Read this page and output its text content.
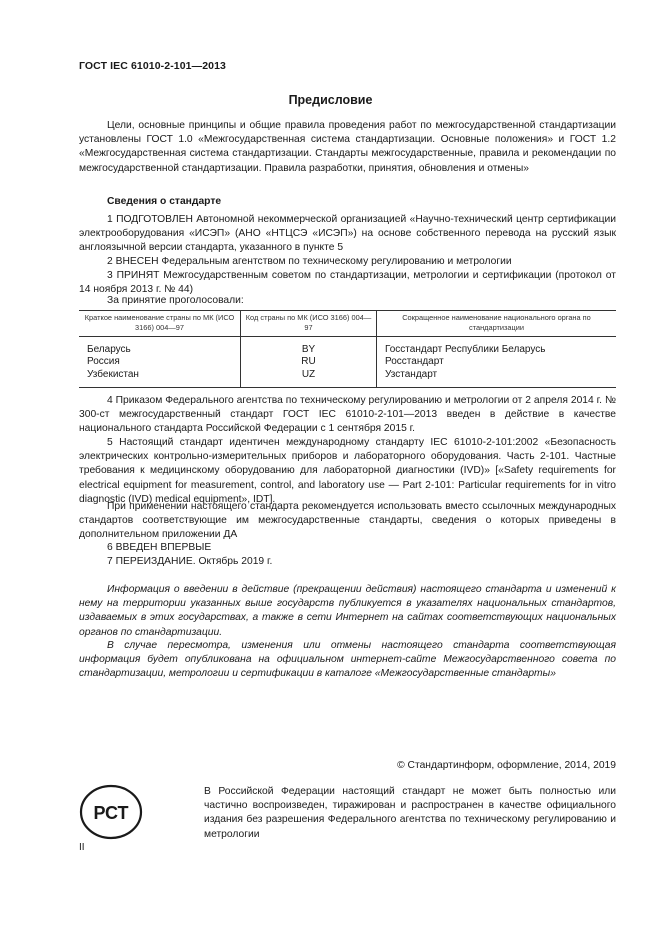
ГОСТ IEC 61010-2-101—2013
Предисловие

Цели, основные принципы и общие правила проведения работ по межгосударственной стандартизации установлены ГОСТ 1.0 «Межгосударственная система стандартизации. Основные положения» и ГОСТ 1.2 «Межгосударственная система стандартизации. Стандарты межгосударственные, правила и рекомендации по межгосударственной стандартизации. Правила разработки, принятия, обновления и отмены»

Сведения о стандарте

1 ПОДГОТОВЛЕН Автономной некоммерческой организацией «Научно-технический центр сертификации электрооборудования «ИСЭП» (АНО «НТЦСЭ «ИСЭП») на основе собственного перевода на русский язык англоязычной версии стандарта, указанного в пункте 5

2 ВНЕСЕН Федеральным агентством по техническому регулированию и метрологии

3 ПРИНЯТ Межгосударственным советом по стандартизации, метрологии и сертификации (протокол от 14 ноября 2013 г. № 44)

За принятие проголосовали:

Краткое наименование страны по МК (ИСО 3166) 004—97	Код страны по МК (ИСО 3166) 004—97	Сокращенное наименование национального органа по стандартизации
Беларусь	BY	Госстандарт Республики Беларусь
Россия	RU	Росстандарт
Узбекистан	UZ	Узстандарт

4 Приказом Федерального агентства по техническому регулированию и метрологии от 2 апреля 2014 г. № 300-ст межгосударственный стандарт ГОСТ IEC 61010-2-101—2013 введен в действие в качестве национального стандарта Российской Федерации с 1 сентября 2015 г.

5 Настоящий стандарт идентичен международному стандарту IEC 61010-2-101:2002 «Безопасность электрических контрольно-измерительных приборов и лабораторного оборудования. Часть 2-101. Частные требования к медицинскому оборудованию для лабораторной диагностики (IVD)» [«Safety requirements for electrical equipment for measurement, control, and laboratory use — Part 2-101: Particular requirements for in vitro diagnostic (IVD) medical equipment», IDT].

При применении настоящего стандарта рекомендуется использовать вместо ссылочных международных стандартов соответствующие им межгосударственные стандарты, сведения о которых приведены в дополнительном приложении ДА

6 ВВЕДЕН ВПЕРВЫЕ

7 ПЕРЕИЗДАНИЕ. Октябрь 2019 г.

Информация о введении в действие (прекращении действия) настоящего стандарта и изменений к нему на территории указанных выше государств публикуется в указателях национальных стандартов, издаваемых в этих государствах, а также в сети Интернет на сайтах соответствующих национальных органов по стандартизации.

В случае пересмотра, изменения или отмены настоящего стандарта соответствующая информация будет опубликована на официальном интернет-сайте Межгосударственного совета по стандартизации, метрологии и сертификации в каталоге «Межгосударственные стандарты»

© Стандартинформ, оформление, 2014, 2019
РСТ

В Российской Федерации настоящий стандарт не может быть полностью или частично воспроизведен, тиражирован и распространен в качестве официального издания без разрешения Федерального агентства по техническому регулированию и метрологии

II
